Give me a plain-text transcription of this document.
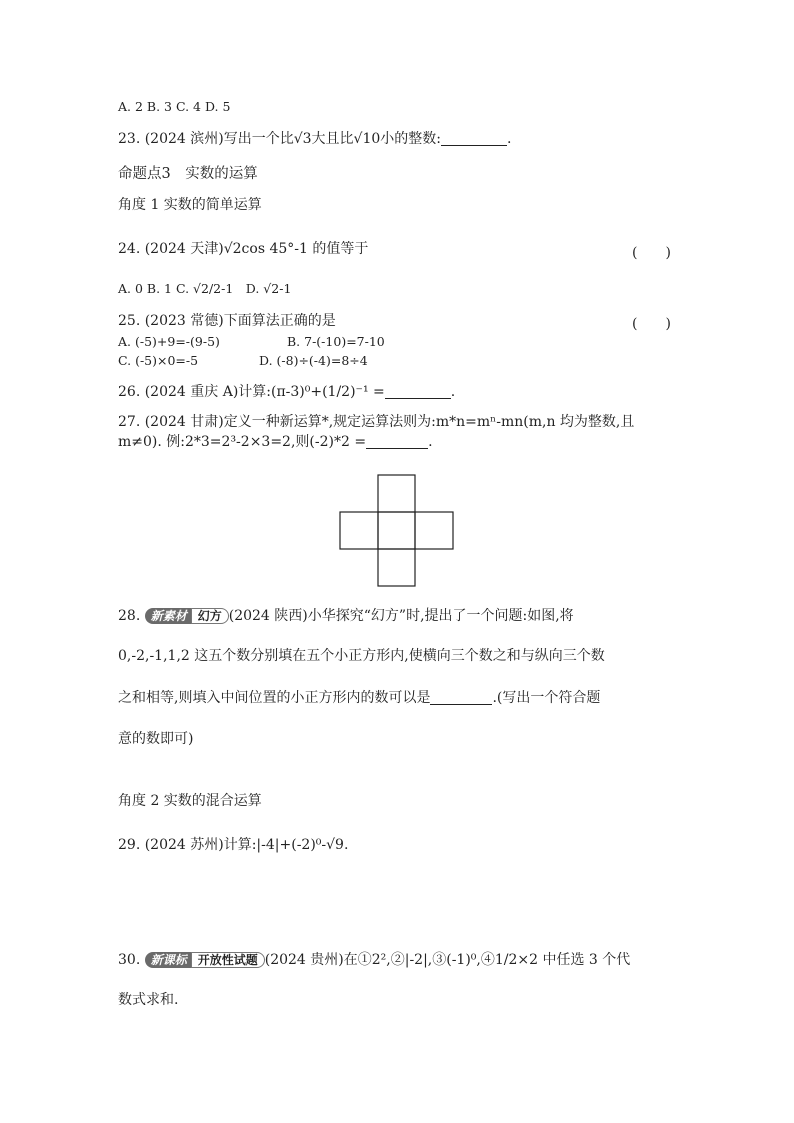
A. 2 B. 3 C. 4 D. 5
23. (2024 滨州)写出一个比√3大且比√10小的整数:	.
命题点3　实数的运算
角度 1 实数的简单运算
24. (2024 天津)√2cos 45°-1 的值等于	(　　)
A. 0 B. 1 C. √2/2-1　D. √2-1
25. (2023 常德)下面算法正确的是	(　　)
A. (-5)+9=-(9-5)	B. 7-(-10)=7-10
C. (-5)×0=-5	D. (-8)÷(-4)=8÷4
26. (2024 重庆 A)计算:(π-3)⁰+(1/2)⁻¹ =	.
27. (2024 甘肃)定义一种新运算*,规定运算法则为:m*n=mⁿ-mn(m,n 均为整数,且
m≠0). 例:2*3=2³-2×3=2,则(-2)*2 =	.
28. 新素材 幻方 (2024 陕西)小华探究“幻方”时,提出了一个问题:如图,将
0,-2,-1,1,2 这五个数分别填在五个小正方形内,使横向三个数之和与纵向三个数
之和相等,则填入中间位置的小正方形内的数可以是	.(写出一个符合题
意的数即可)
角度 2 实数的混合运算
29. (2024 苏州)计算:|-4|+(-2)⁰-√9.
30. 新课标 开放性试题 (2024 贵州)在①2²,②|-2|,③(-1)⁰,④1/2×2 中任选 3 个代
数式求和.
